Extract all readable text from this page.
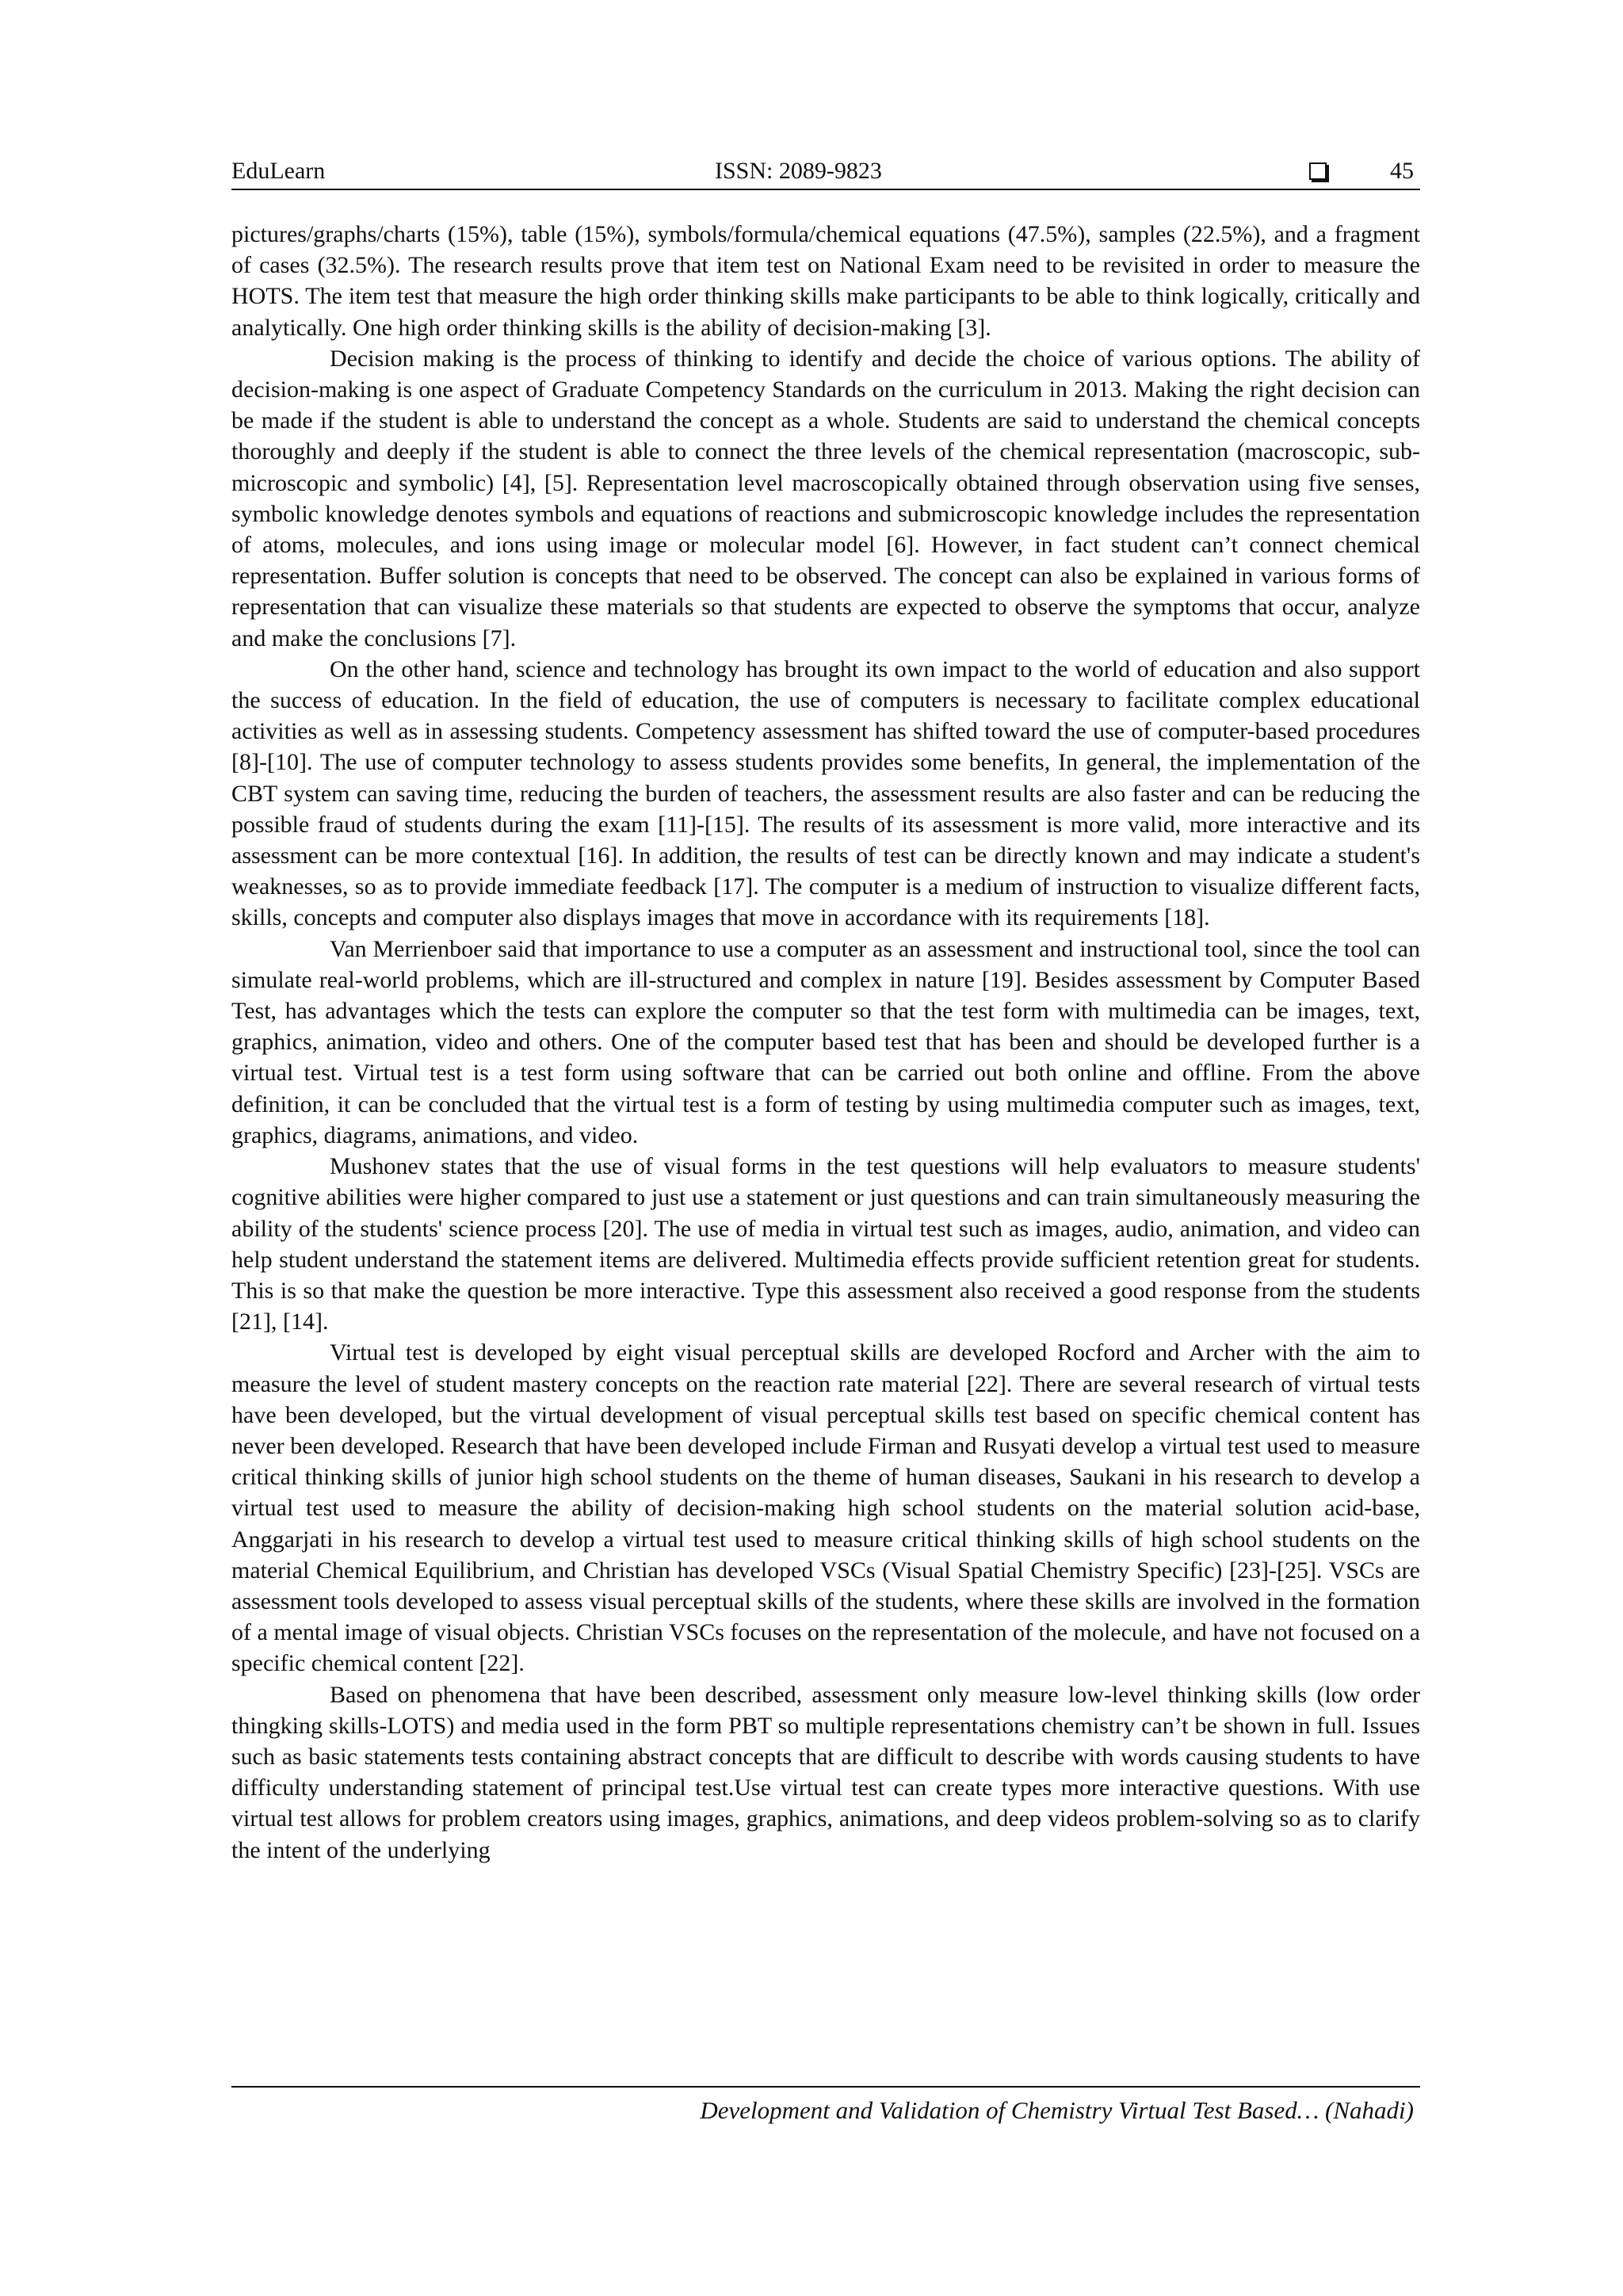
EduLearn	ISSN: 2089-9823	45

pictures/graphs/charts (15%), table (15%), symbols/formula/chemical equations (47.5%), samples (22.5%), and a fragment of cases (32.5%). The research results prove that item test on National Exam need to be revisited in order to measure the HOTS. The item test that measure the high order thinking skills make participants to be able to think logically, critically and analytically. One high order thinking skills is the ability of decision-making [3].

Decision making is the process of thinking to identify and decide the choice of various options. The ability of decision-making is one aspect of Graduate Competency Standards on the curriculum in 2013. Making the right decision can be made if the student is able to understand the concept as a whole. Students are said to understand the chemical concepts thoroughly and deeply if the student is able to connect the three levels of the chemical representation (macroscopic, sub-microscopic and symbolic) [4], [5]. Representation level macroscopically obtained through observation using five senses, symbolic knowledge denotes symbols and equations of reactions and submicroscopic knowledge includes the representation of atoms, molecules, and ions using image or molecular model [6]. However, in fact student can’t connect chemical representation. Buffer solution is concepts that need to be observed. The concept can also be explained in various forms of representation that can visualize these materials so that students are expected to observe the symptoms that occur, analyze and make the conclusions [7].

On the other hand, science and technology has brought its own impact to the world of education and also support the success of education. In the field of education, the use of computers is necessary to facilitate complex educational activities as well as in assessing students. Competency assessment has shifted toward the use of computer-based procedures [8]-[10]. The use of computer technology to assess students provides some benefits, In general, the implementation of the CBT system can saving time, reducing the burden of teachers, the assessment results are also faster and can be reducing the possible fraud of students during the exam [11]-[15]. The results of its assessment is more valid, more interactive and its assessment can be more contextual [16]. In addition, the results of test can be directly known and may indicate a student's weaknesses, so as to provide immediate feedback [17]. The computer is a medium of instruction to visualize different facts, skills, concepts and computer also displays images that move in accordance with its requirements [18].

Van Merrienboer said that importance to use a computer as an assessment and instructional tool, since the tool can simulate real-world problems, which are ill-structured and complex in nature [19]. Besides assessment by Computer Based Test, has advantages which the tests can explore the computer so that the test form with multimedia can be images, text, graphics, animation, video and others. One of the computer based test that has been and should be developed further is a virtual test. Virtual test is a test form using software that can be carried out both online and offline. From the above definition, it can be concluded that the virtual test is a form of testing by using multimedia computer such as images, text, graphics, diagrams, animations, and video.

Mushonev states that the use of visual forms in the test questions will help evaluators to measure students' cognitive abilities were higher compared to just use a statement or just questions and can train simultaneously measuring the ability of the students' science process [20]. The use of media in virtual test such as images, audio, animation, and video can help student understand the statement items are delivered. Multimedia effects provide sufficient retention great for students. This is so that make the question be more interactive. Type this assessment also received a good response from the students [21], [14].

Virtual test is developed by eight visual perceptual skills are developed Rocford and Archer with the aim to measure the level of student mastery concepts on the reaction rate material [22]. There are several research of virtual tests have been developed, but the virtual development of visual perceptual skills test based on specific chemical content has never been developed. Research that have been developed include Firman and Rusyati develop a virtual test used to measure critical thinking skills of junior high school students on the theme of human diseases, Saukani in his research to develop a virtual test used to measure the ability of decision-making high school students on the material solution acid-base, Anggarjati in his research to develop a virtual test used to measure critical thinking skills of high school students on the material Chemical Equilibrium, and Christian has developed VSCs (Visual Spatial Chemistry Specific) [23]-[25]. VSCs are assessment tools developed to assess visual perceptual skills of the students, where these skills are involved in the formation of a mental image of visual objects. Christian VSCs focuses on the representation of the molecule, and have not focused on a specific chemical content [22].

Based on phenomena that have been described, assessment only measure low-level thinking skills (low order thingking skills-LOTS) and media used in the form PBT so multiple representations chemistry can’t be shown in full. Issues such as basic statements tests containing abstract concepts that are difficult to describe with words causing students to have difficulty understanding statement of principal test.Use virtual test can create types more interactive questions. With use virtual test allows for problem creators using images, graphics, animations, and deep videos problem-solving so as to clarify the intent of the underlying

Development and Validation of Chemistry Virtual Test Based… (Nahadi)
